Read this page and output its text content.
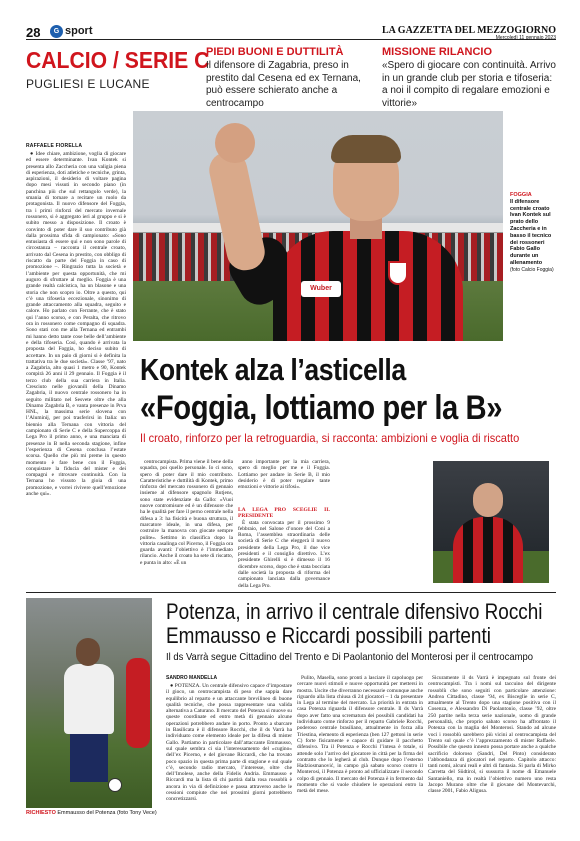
28	G sport	LA GAZZETTA DEL MEZZOGIORNO
Mercoledì 11 gennaio 2023
CALCIO / SERIE C
PUGLIESI E LUCANE
PIEDI BUONI E DUTTILITÀ

Il difensore di Zagabria, preso in prestito dal Cesena ed ex Ternana, può essere schierato anche a centrocampo

MISSIONE RILANCIO

«Spero di giocare con continuità. Arrivo in un grande club per storia e tifoseria: a noi il compito di regalare emozioni e vittorie»

RAFFAELE FIORELLA

● Idee chiare, ambizione, voglia di giocare ed essere determinante. Ivan Kontek si presenta allo Zaccheria con una valigia piena di esperienza, doti atletiche e tecniche, grinta, aspirazioni, il desiderio di voltare pagina dopo mesi vissuti in secondo piano (in panchina più che sul rettangolo verde), la smania di tornare a recitare un ruolo da protagonista. Il nuovo difensore del Foggia, tra i primi rinforzi del mercato invernale rossonero, si è aggregato ieri al gruppo e si è subito messo a disposizione. Il croato è convinto di poter dare il suo contributo già dalla prossima sfida di campionato: «Sono entusiasta di essere qui e non sono parole di circostanza – racconta il centrale croato, arrivato dal Cesena in prestito, con obbligo di riscatto da parte del Foggia in caso di promozione –. Ringrazio tutta la società e l’ambiente per questa opportunità, che mi auguro di sfruttare al meglio. Foggia è una grande realtà calcistica, ha un blasone e una storia che non scopro io. Oltre a questo, qui c’è una tifoseria eccezionale, sinonimo di grande attaccamento alla squadra, seguito e calore. Ho parlato con Ferrante, che è stato qui l’anno scorso, e con Peralta, che ritrovo ora in rossonero come compagno di squadra. Sono stati con me alla Ternana ed entrambi mi hanno detto tante cose belle dell’ambiente e della tifoseria. Così, quando è arrivata la proposta del Foggia, ho deciso subito di accettare. In un paio di giorni si è definita la trattativa tra le due società». Classe ’97, nato a Zagabria, alto quasi 1 metro e 90, Kontek compirà 26 anni il 29 gennaio. Il Foggia è il terzo club della sua carriera in Italia. Cresciuto nelle giovanili della Dinamo Zagabria, il nuovo centrale rossonero ha in seguito militato nel Sesvete oltre che alla Dinamo Zagabria B, e vanta presenze in Prva HNL, la massima serie slovena con l’Aluminij, per poi trasferirsi in Italia: un biennio alla Ternana con vittoria del campionato di Serie C e della Supercoppa di Lega Pro il primo anno, e una manciata di presenze in B nella seconda stagione, infine l’esperienza di Cesena conclusa l’estate scorsa. Quello che più mi preme in questo momento è fare bene con il Foggia, conquistare la fiducia del mister e dei compagni e ritrovare continuità. Con la Ternana ho vissuto la gioia di una promozione, e vorrei rivivere quell’emozione anche qui».

Wuber
FOGGIA
Il difensore centrale croato Ivan Kontek sul prato dello Zaccheria e in basso il tecnico dei rossoneri Fabio Gallo durante un allenamento
(foto Calcio Foggia)
Kontek alza l’asticella
«Foggia, lottiamo per la B»
Il croato, rinforzo per la retroguardia, si racconta: ambizioni e voglia di riscatto

centrocampista. Prima viene il bene della squadra, poi quello personale. Io ci sono, spero di poter dare il mio contributo. Caratteristiche e duttilità di Kontek, primo rinforzo del mercato rossonero di gennaio insieme al difensore spagnolo Rutjens, sono state evidenziate da Gallo: «Vuoi nuove contromisure ed è un difensore che ha le qualità per fare il perno centrale nella difesa a 3: ha fisicità e buona struttura, il marcatore ideale, in una difesa, per costruire la manovra con giocate sempre pulite». Settimo in classifica dopo la vittoria casalinga col Picerno, il Foggia ora guarda avanti: l’obiettivo è l’immediato rilancio. Anche il croato ha sete di riscatto, e punta in alto: «È un

anno importante per la mia carriera, spero di meglio per me e il Foggia. Lottiamo per andare in Serie B, il mio desiderio è di poter regalare tante emozioni e vittorie ai tifosi».

LA LEGA PRO SCEGLIE IL PRESIDENTE

È stata convocata per il prossimo 9 febbraio, nel Salone d’onore del Coni a Roma, l’assemblea straordinaria delle società di Serie C che eleggerà il nuovo presidente della Lega Pro, il due vice presidenti e il consiglio direttivo. L’ex presidente Ghirelli si è dimesso il 16 dicembre scorso, dopo che è stata bocciata dalle società la proposta di riforma del campionato lanciata dalla governance della Lega Pro.

RICHIESTO Emmausso del Potenza (foto Tony Vece)
Potenza, in arrivo il centrale difensivo Rocchi
Emmausso e Riccardi possibili partenti
Il ds Varrà segue Cittadino del Trento e Di Paolantonio del Monterosi per il centrocampo
SANDRO MANDELLA

● POTENZA. Un centrale difensivo capace d’impostare il gioco, un centrocampista di peso che sappia dare equilibrio al reparto e un attaccante brevilineo di buone qualità tecniche, che possa rappresentare una valida alternativa a Caturano. Il mercato del Potenza si muove su queste coordinate ed entro metà di gennaio alcune operazioni potrebbero andare in porto. Pronto a sbarcare in Basilicata è il difensore Rocchi, che il ds Varrà ha individuato come elemento ideale per la difesa di mister Gallo. Partiamo in particolare dall’attaccante Emmausso, sul quale sembra ci sia l’interessamento del «cugino» dell’ex Picerno, e del giovane Riccardi, che ha trovato poco spazio in questa prima parte di stagione e sul quale c’è, secondo radio mercato, l’interesse, oltre che dell’Imolese, anche della Fidelis Andria. Emmausso e Riccardi ma la lista di chi partirà dalla rosa rossoblù è ancora in via di definizione e passa attraverso anche le cessioni compiute che nei prossimi giorni potrebbero concretizzarsi.

Pulito, Masella, sono pronti a lasciare il capoluogo per cercare nuovi stimoli e nuove opportunità per mettersi in mostra. Uscite che diverranno necessarie comunque anche riguardo alla lista chiusa di 24 giocatori – 1 da presentare in Lega al termine del mercato. La priorità in entrata in casa Potenza riguarda il difensore centrale. Il ds Varrà dopo aver fatto una scrematura dei possibili candidati ha individuato come rinforzo per il reparto Gabriele Rocchi, poderoso centrale brasiliano, attualmente in forza alla Triestina, elemento di esperienza (ben 127 gettoni in serie C) forte fisicamente e capace di guidare il pacchetto difensivo. Tra il Potenza e Rocchi l’intesa è totale, si attende solo l’arrivo del giocatore in città per la firma del contratto che lo legherà al club. Dunque dopo l’esterno Hadziosmanović, in campo già sabato scorso contro il Monterosi, il Potenza è pronto ad ufficializzare il secondo colpo di gennaio. Il mercato del Potenza è in fermento dal momento che si vuole chiudere le operazioni entro la metà del mese.

Sicuramente il ds Varrà è impegnato sul fronte dei centrocampisti. Tra i nomi sul taccuino del dirigente rossoblù che sono seguiti con particolare attenzione: Andrea Cittadino, classe ’94, ex Bisceglie in serie C, attualmente al Trento dopo una stagione positiva con il Cosenza, e Alessandro Di Paolantonio, classe ’92, oltre 250 partite nella terza serie nazionale, uomo di grande personalità, che proprio sabato scorso ha affrontato il Potenza con la maglia del Monterosi. Stando ad alcune voci i rossoblù sarebbero più vicini al centrocampista del Trento sul quale c’è l’apprezzamento di mister Raffaele. Possibile che questo innesto possa portare anche a qualche sacrificio doloroso (Sandri, Del Pinto) considerato l’abbondanza di giocatori nel reparto. Capitolo attacco: tanti nomi, alcuni reali e altri di fantasia. Si parla di Mirko Carretta del Südtirol, si sussurra il nome di Emanuele Santaniello, ma in realtà l’obiettivo numero uno resta Jacopo Murano oltre che il giovane del Montevarchi, classe 2001, Fabio Aligusa.
